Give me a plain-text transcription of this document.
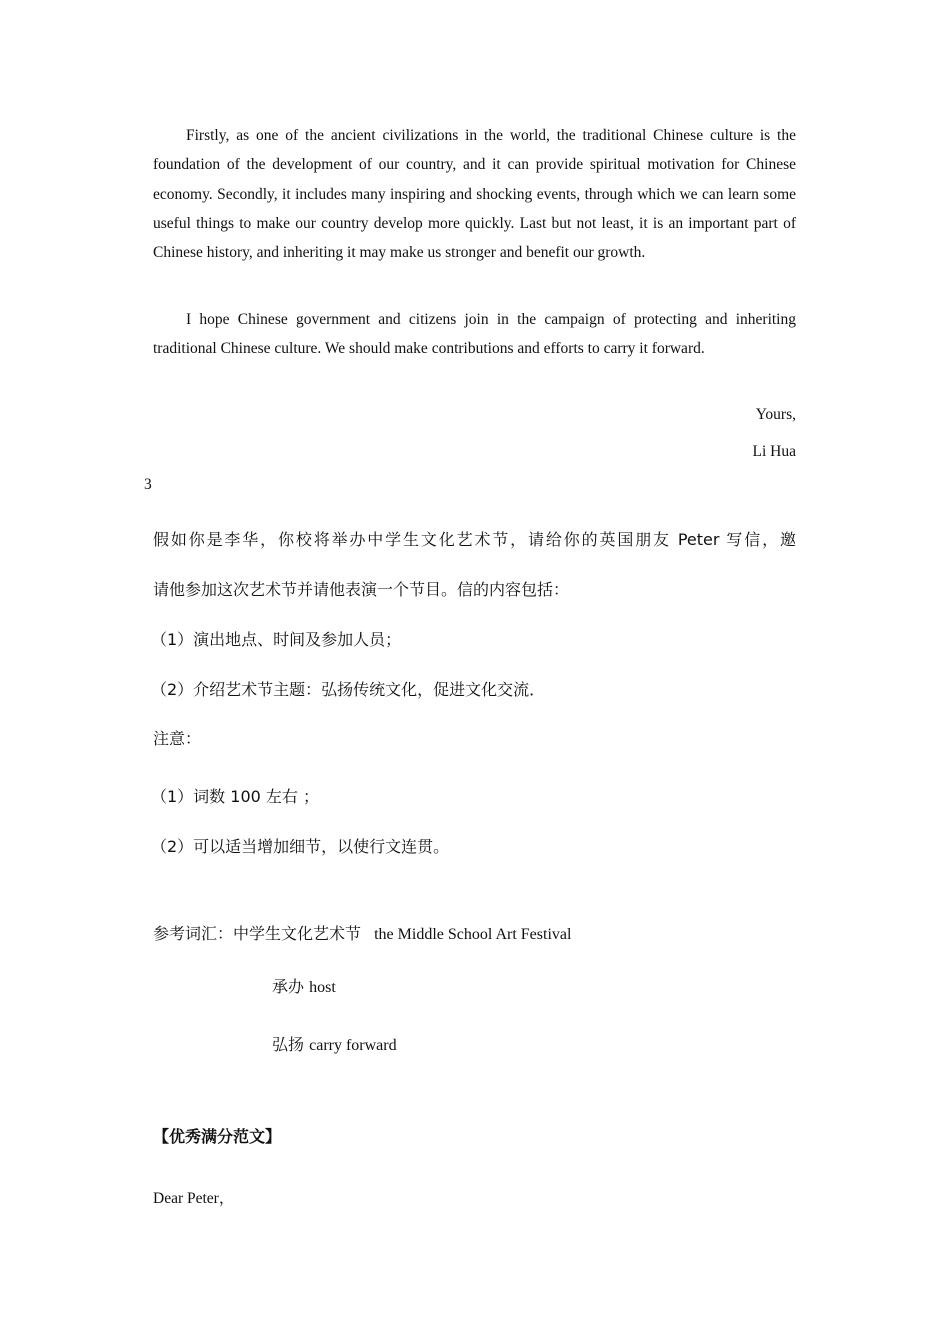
Firstly, as one of the ancient civilizations in the world, the traditional Chinese culture is the foundation of the development of our country, and it can provide spiritual motivation for Chinese economy. Secondly, it includes many inspiring and shocking events, through which we can learn some useful things to make our country develop more quickly. Last but not least, it is an important part of Chinese history, and inheriting it may make us stronger and benefit our growth.

I hope Chinese government and citizens join in the campaign of protecting and inheriting traditional Chinese culture. We should make contributions and efforts to carry it forward.

Yours,
Li Hua
3
假如你是李华，你校将举办中学生文化艺术节，请给你的英国朋友 Peter 写信，邀
请他参加这次艺术节并请他表演一个节目。信的内容包括：
（1）演出地点、时间及参加人员；
（2）介绍艺术节主题：弘扬传统文化，促进文化交流．
注意：
（1）词数 100 左右 ；
（2）可以适当增加细节，以使行文连贯。
参考词汇：中学生文化艺术节 the Middle School Art Festival
承办 host
弘扬 carry forward
【优秀满分范文】
Dear Peter，
